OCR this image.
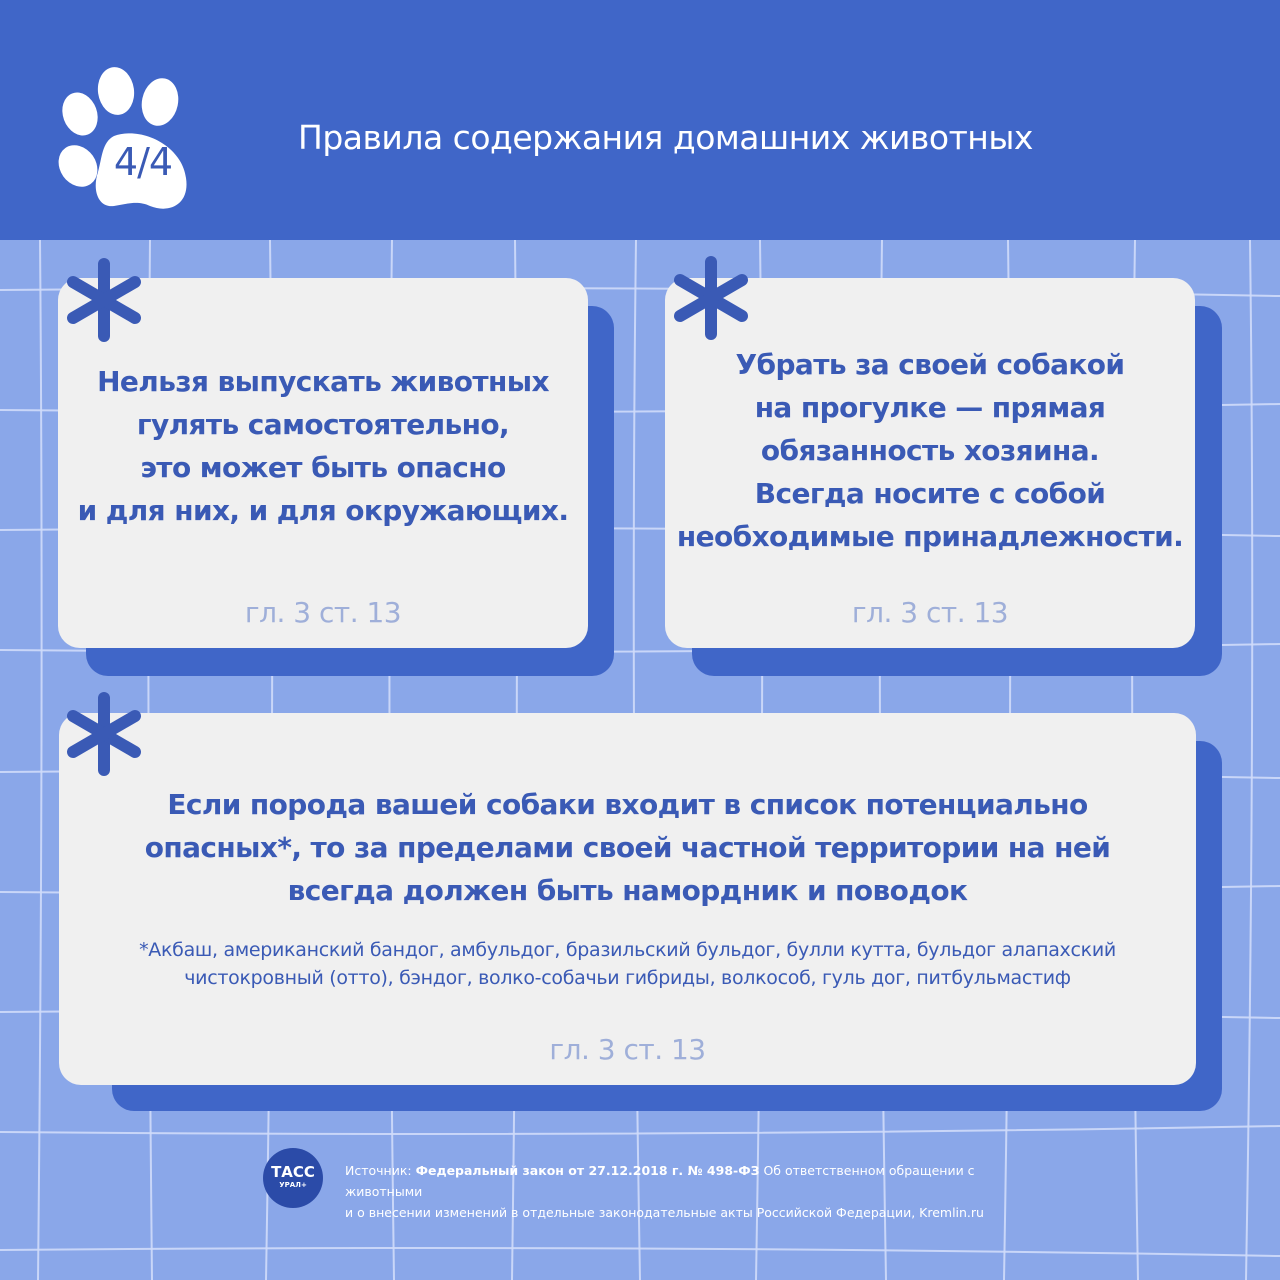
4/4
Правила содержания домашних животных
Нельзя выпускать животных
гулять самостоятельно,
это может быть опасно
и для них, и для окружающих.
гл. 3 ст. 13
Убрать за своей собакой
на прогулке — прямая
обязанность хозяина.
Всегда носите с собой
необходимые принадлежности.
гл. 3 ст. 13
Если порода вашей собаки входит в список потенциально
опасных*, то за пределами своей частной территории на ней
всегда должен быть намордник и поводок
*Акбаш, американский бандог, амбульдог, бразильский бульдог, булли кутта, бульдог алапахский
чистокровный (отто), бэндог, волко-собачьи гибриды, волкособ, гуль дог, питбульмастиф
гл. 3 ст. 13
ТАСС
УРАЛ+
Источник: Федеральный закон от 27.12.2018 г. № 498-ФЗ Об ответственном обращении с животными
и о внесении изменений в отдельные законодательные акты Российской Федерации, Kremlin.ru
